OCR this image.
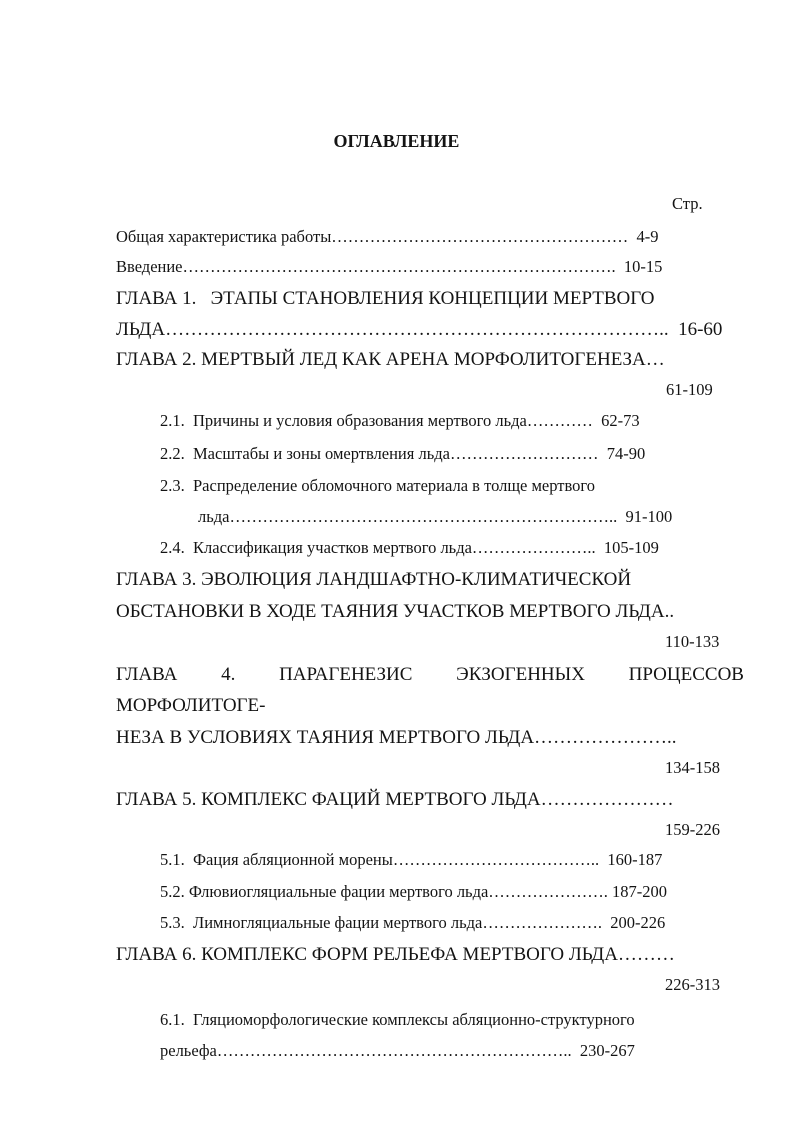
ОГЛАВЛЕНИЕ
Стр.
Общая характеристика работы………………………………………………  4-9
Введение…………………………………………………………………….  10-15
ГЛАВА 1.   ЭТАПЫ СТАНОВЛЕНИЯ КОНЦЕПЦИИ МЕРТВОГО
ЛЬДА……………………………………………………………………..  16-60
ГЛАВА 2. МЕРТВЫЙ ЛЕД КАК АРЕНА МОРФОЛИТОГЕНЕЗА…
61-109
2.1.  Причины и условия образования мертвого льда…………  62-73
2.2.  Масштабы и зоны омертвления льда………………………  74-90
2.3.  Распределение обломочного материала в толще мертвого
льда……………………………………………………………..  91-100
2.4.  Классификация участков мертвого льда…………………..  105-109
ГЛАВА 3. ЭВОЛЮЦИЯ ЛАНДШАФТНО-КЛИМАТИЧЕСКОЙ
ОБСТАНОВКИ В ХОДЕ ТАЯНИЯ УЧАСТКОВ МЕРТВОГО ЛЬДА..
110-133
ГЛАВА 4. ПАРАГЕНЕЗИС ЭКЗОГЕННЫХ ПРОЦЕССОВ
МОРФОЛИТОГЕ-
НЕЗА В УСЛОВИЯХ ТАЯНИЯ МЕРТВОГО ЛЬДА…………………..
134-158
ГЛАВА 5. КОМПЛЕКС ФАЦИЙ МЕРТВОГО ЛЬДА…………………
159-226
5.1.  Фация абляционной морены………………………………..  160-187
5.2. Флювиогляциальные фации мертвого льда…………………. 187-200
5.3.  Лимногляциальные фации мертвого льда………………….  200-226
ГЛАВА 6. КОМПЛЕКС ФОРМ РЕЛЬЕФА МЕРТВОГО ЛЬДА………
226-313
6.1.  Гляциоморфологические комплексы абляционно-структурного
рельефа………………………………………………………..  230-267
